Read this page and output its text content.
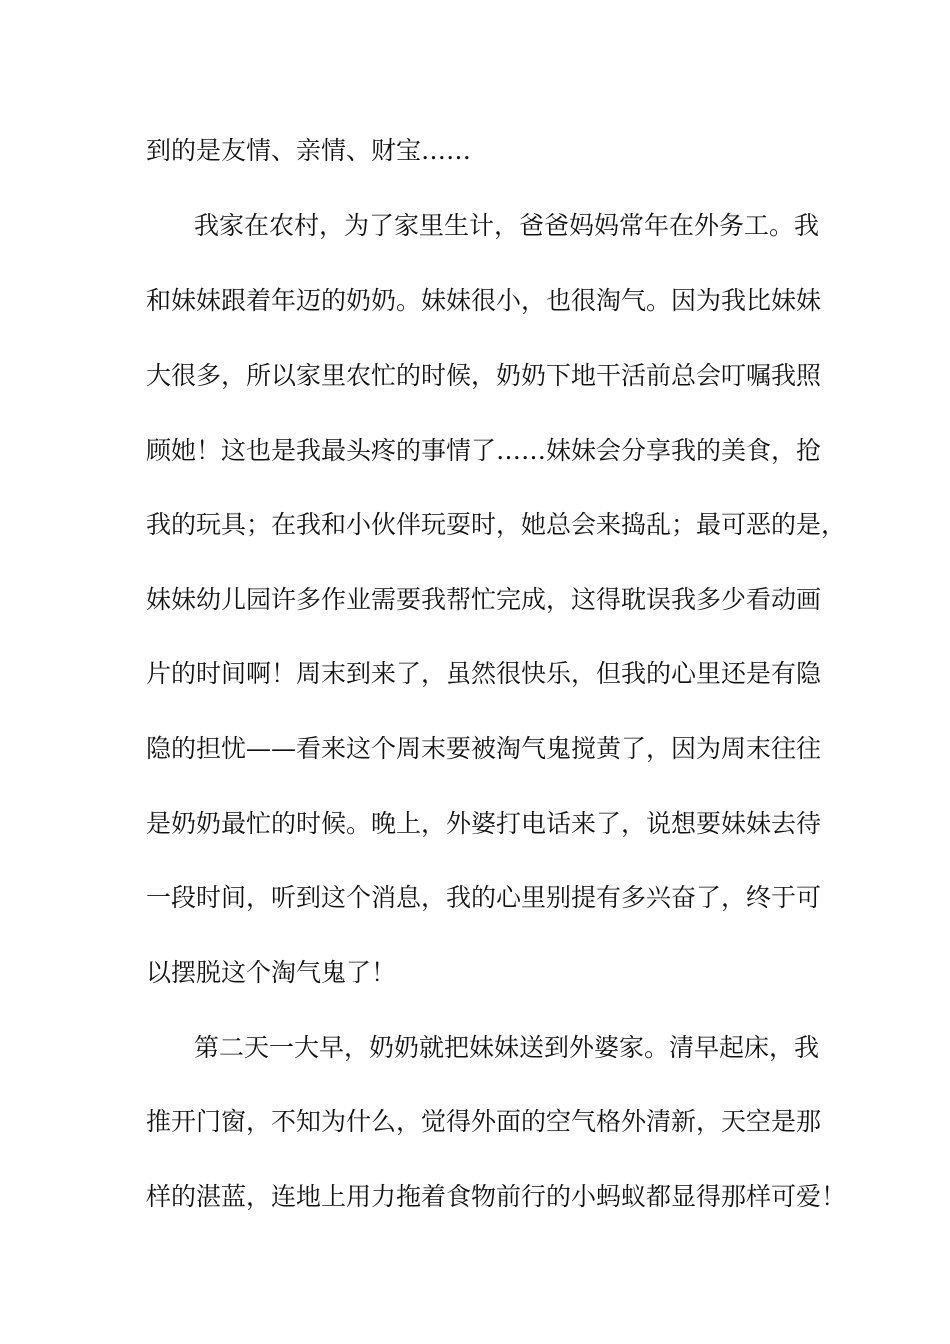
到的是友情、亲情、财宝……
我家在农村，为了家里生计，爸爸妈妈常年在外务工。我
和妹妹跟着年迈的奶奶。妹妹很小，也很淘气。因为我比妹妹
大很多，所以家里农忙的时候，奶奶下地干活前总会叮嘱我照
顾她！这也是我最头疼的事情了……妹妹会分享我的美食，抢
我的玩具；在我和小伙伴玩耍时，她总会来捣乱；最可恶的是，
妹妹幼儿园许多作业需要我帮忙完成，这得耽误我多少看动画
片的时间啊！周末到来了，虽然很快乐，但我的心里还是有隐
隐的担忧——看来这个周末要被淘气鬼搅黄了，因为周末往往
是奶奶最忙的时候。晚上，外婆打电话来了，说想要妹妹去待
一段时间，听到这个消息，我的心里别提有多兴奋了，终于可
以摆脱这个淘气鬼了！
第二天一大早，奶奶就把妹妹送到外婆家。清早起床，我
推开门窗，不知为什么，觉得外面的空气格外清新，天空是那
样的湛蓝，连地上用力拖着食物前行的小蚂蚁都显得那样可爱！
